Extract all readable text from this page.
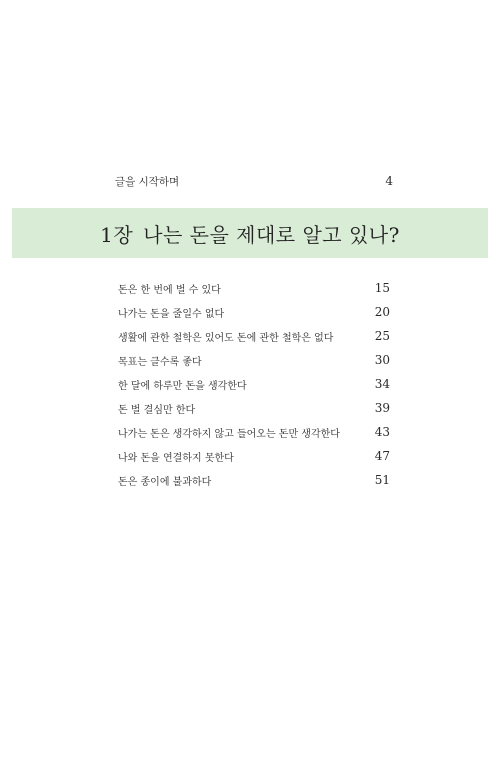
글을 시작하며	4
1장 나는 돈을 제대로 알고 있나?
돈은 한 번에 벌 수 있다	15
나가는 돈을 줄일수 없다	20
생활에 관한 철학은 있어도 돈에 관한 철학은 없다	25
목표는 클수록 좋다	30
한 달에 하루만 돈을 생각한다	34
돈 벌 결심만 한다	39
나가는 돈은 생각하지 않고 들어오는 돈만 생각한다	43
나와 돈을 연결하지 못한다	47
돈은 종이에 불과하다	51
